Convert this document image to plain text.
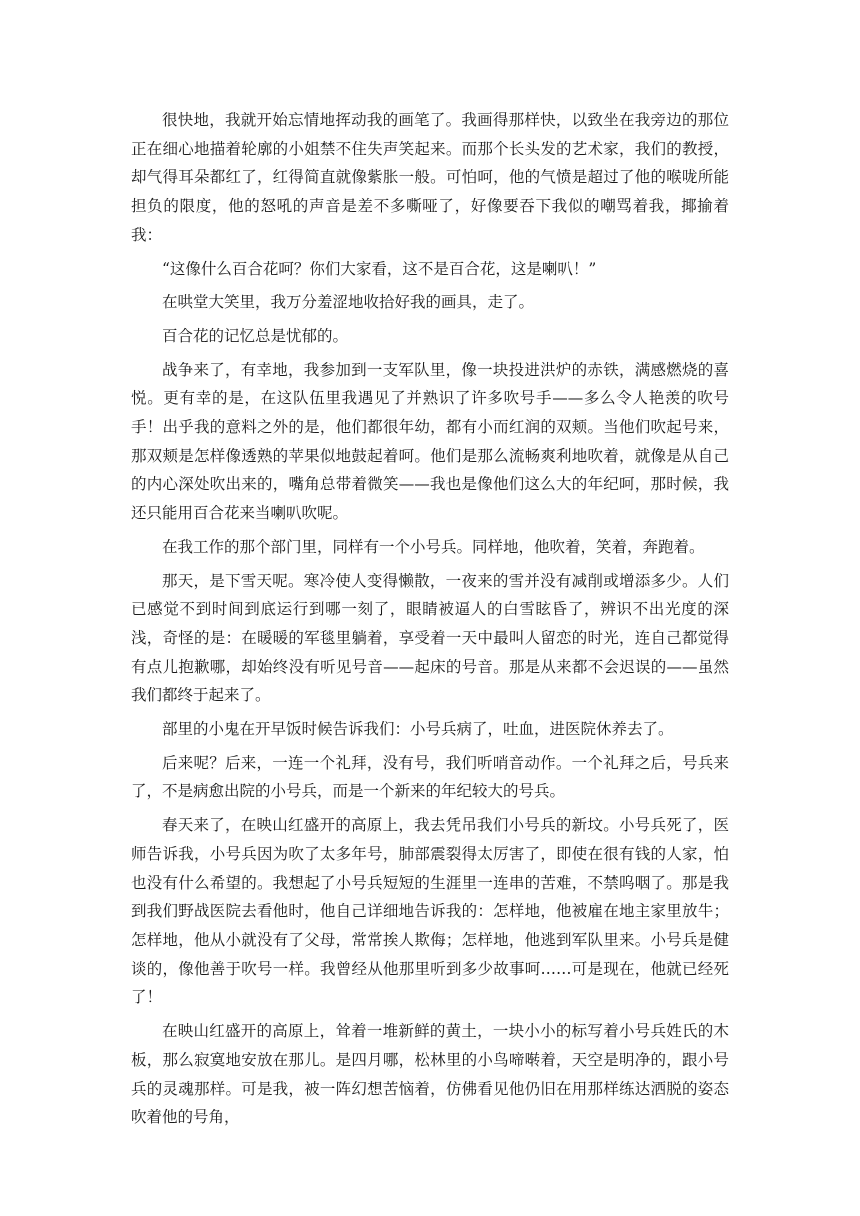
很快地，我就开始忘情地挥动我的画笔了。我画得那样快，以致坐在我旁边的那位正在细心地描着轮廓的小姐禁不住失声笑起来。而那个长头发的艺术家，我们的教授，却气得耳朵都红了，红得简直就像紫胀一般。可怕呵，他的气愤是超过了他的喉咙所能担负的限度，他的怒吼的声音是差不多嘶哑了，好像要吞下我似的嘲骂着我，揶揄着我：

“这像什么百合花呵？你们大家看，这不是百合花，这是喇叭！”

在哄堂大笑里，我万分羞涩地收拾好我的画具，走了。

百合花的记忆总是忧郁的。

战争来了，有幸地，我参加到一支军队里，像一块投进洪炉的赤铁，满感燃烧的喜悦。更有幸的是，在这队伍里我遇见了并熟识了许多吹号手——多么令人艳羡的吹号手！出乎我的意料之外的是，他们都很年幼，都有小而红润的双颊。当他们吹起号来，那双颊是怎样像透熟的苹果似地鼓起着呵。他们是那么流畅爽利地吹着，就像是从自己的内心深处吹出来的，嘴角总带着微笑——我也是像他们这么大的年纪呵，那时候，我还只能用百合花来当喇叭吹呢。

在我工作的那个部门里，同样有一个小号兵。同样地，他吹着，笑着，奔跑着。

那天，是下雪天呢。寒冷使人变得懒散，一夜来的雪并没有减削或增添多少。人们已感觉不到时间到底运行到哪一刻了，眼睛被逼人的白雪眩昏了，辨识不出光度的深浅，奇怪的是：在暖暖的军毯里躺着，享受着一天中最叫人留恋的时光，连自己都觉得有点儿抱歉哪，却始终没有听见号音——起床的号音。那是从来都不会迟误的——虽然我们都终于起来了。

部里的小鬼在开早饭时候告诉我们：小号兵病了，吐血，进医院休养去了。

后来呢？后来，一连一个礼拜，没有号，我们听哨音动作。一个礼拜之后，号兵来了，不是病愈出院的小号兵，而是一个新来的年纪较大的号兵。

春天来了，在映山红盛开的高原上，我去凭吊我们小号兵的新坟。小号兵死了，医师告诉我，小号兵因为吹了太多年号，肺部震裂得太厉害了，即使在很有钱的人家，怕也没有什么希望的。我想起了小号兵短短的生涯里一连串的苦难，不禁呜咽了。那是我到我们野战医院去看他时，他自己详细地告诉我的：怎样地，他被雇在地主家里放牛；怎样地，他从小就没有了父母，常常挨人欺侮；怎样地，他逃到军队里来。小号兵是健谈的，像他善于吹号一样。我曾经从他那里听到多少故事呵……可是现在，他就已经死了！

在映山红盛开的高原上，耸着一堆新鲜的黄土，一块小小的标写着小号兵姓氏的木板，那么寂寞地安放在那儿。是四月哪，松林里的小鸟啼啭着，天空是明净的，跟小号兵的灵魂那样。可是我，被一阵幻想苦恼着，仿佛看见他仍旧在用那样练达洒脱的姿态吹着他的号角，
